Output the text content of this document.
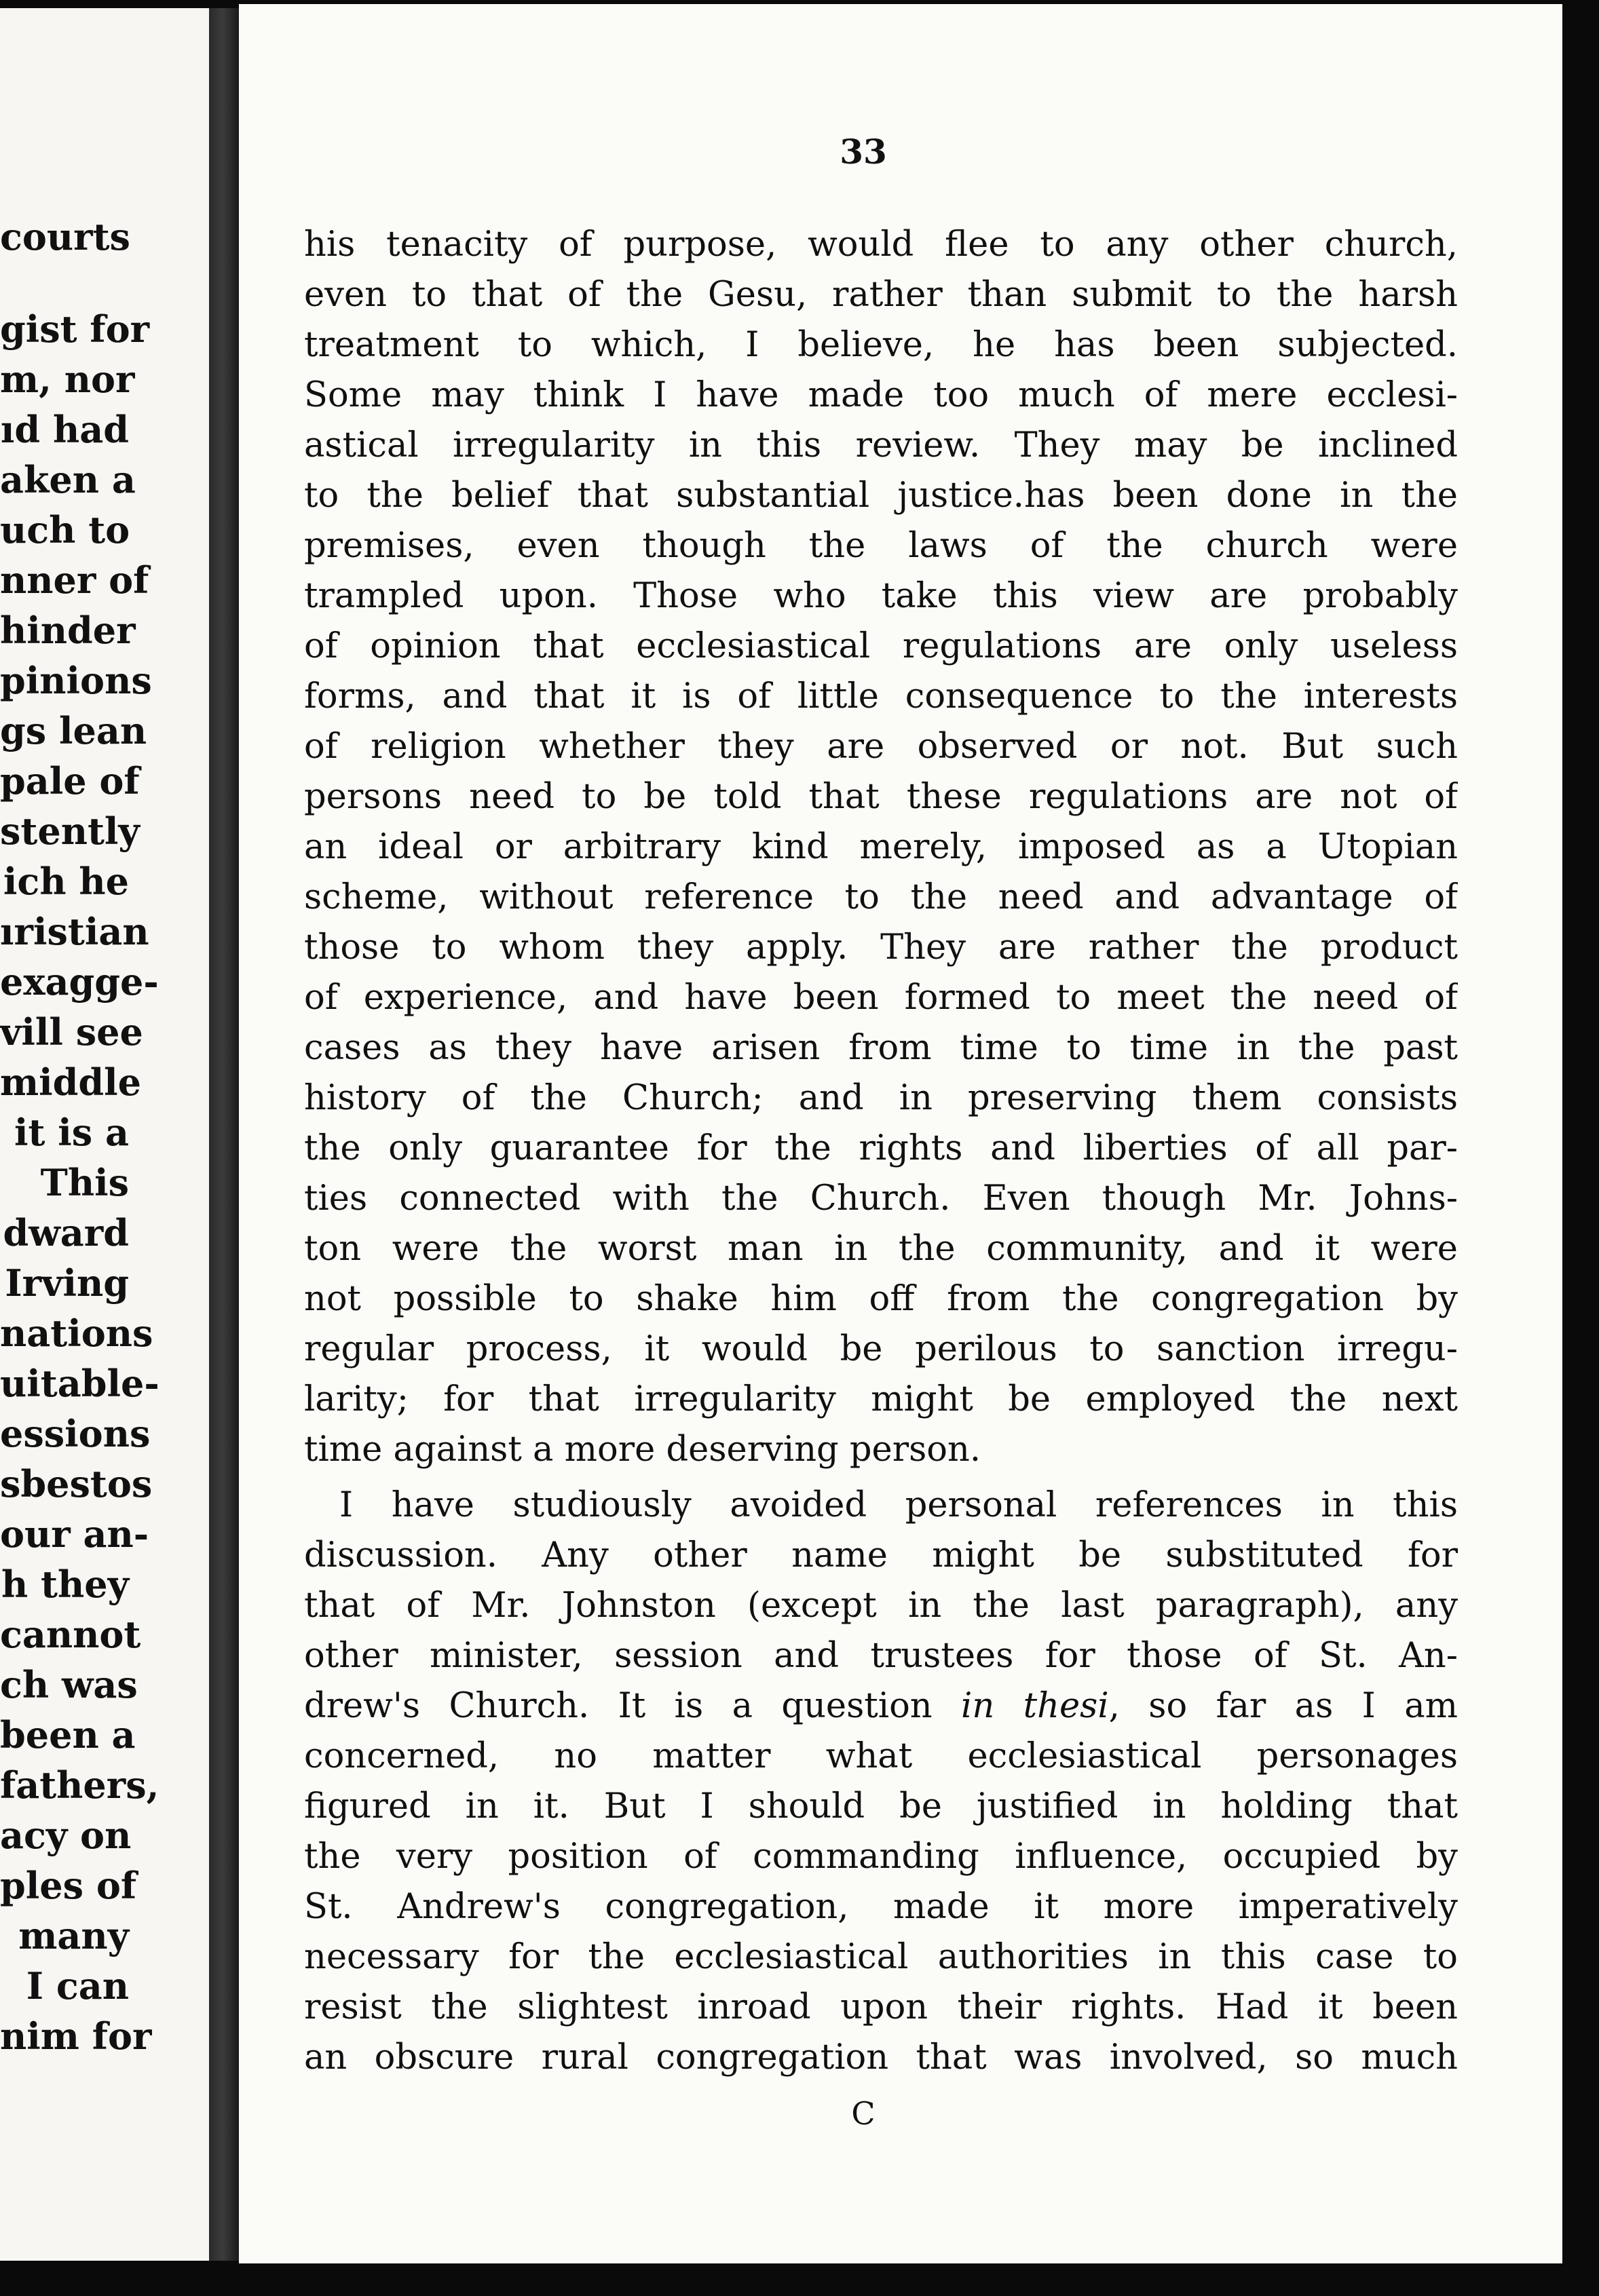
courts
gist for
m, nor
ıd had
aken a
uch to
nner of
hinder
pinions
gs lean
pale of
stently
ich he
ıristian
exagge-
vill see
middle
it is a
This
dward
Irving
nations
uitable-
essions
sbestos
our an-
h they
cannot
ch was
been a
fathers,
acy on
ples of
many
I can
nim for
33
his tenacity of purpose, would flee to any other church,
even to that of the Gesu, rather than submit to the harsh
treatment to which, I believe, he has been subjected.
Some may think I have made too much of mere ecclesi-
astical irregularity in this review. They may be inclined
to the belief that substantial justice.has been done in the
premises, even though the laws of the church were
trampled upon. Those who take this view are probably
of opinion that ecclesiastical regulations are only useless
forms, and that it is of little consequence to the interests
of religion whether they are observed or not. But such
persons need to be told that these regulations are not of
an ideal or arbitrary kind merely, imposed as a Utopian
scheme, without reference to the need and advantage of
those to whom they apply. They are rather the product
of experience, and have been formed to meet the need of
cases as they have arisen from time to time in the past
history of the Church; and in preserving them consists
the only guarantee for the rights and liberties of all par-
ties connected with the Church. Even though Mr. Johns-
ton were the worst man in the community, and it were
not possible to shake him off from the congregation by
regular process, it would be perilous to sanction irregu-
larity; for that irregularity might be employed the next
time against a more deserving person.
I have studiously avoided personal references in this
discussion. Any other name might be substituted for
that of Mr. Johnston (except in the last paragraph), any
other minister, session and trustees for those of St. An-
drew's Church. It is a question in thesi, so far as I am
concerned, no matter what ecclesiastical personages
figured in it. But I should be justified in holding that
the very position of commanding influence, occupied by
St. Andrew's congregation, made it more imperatively
necessary for the ecclesiastical authorities in this case to
resist the slightest inroad upon their rights. Had it been
an obscure rural congregation that was involved, so much
C
